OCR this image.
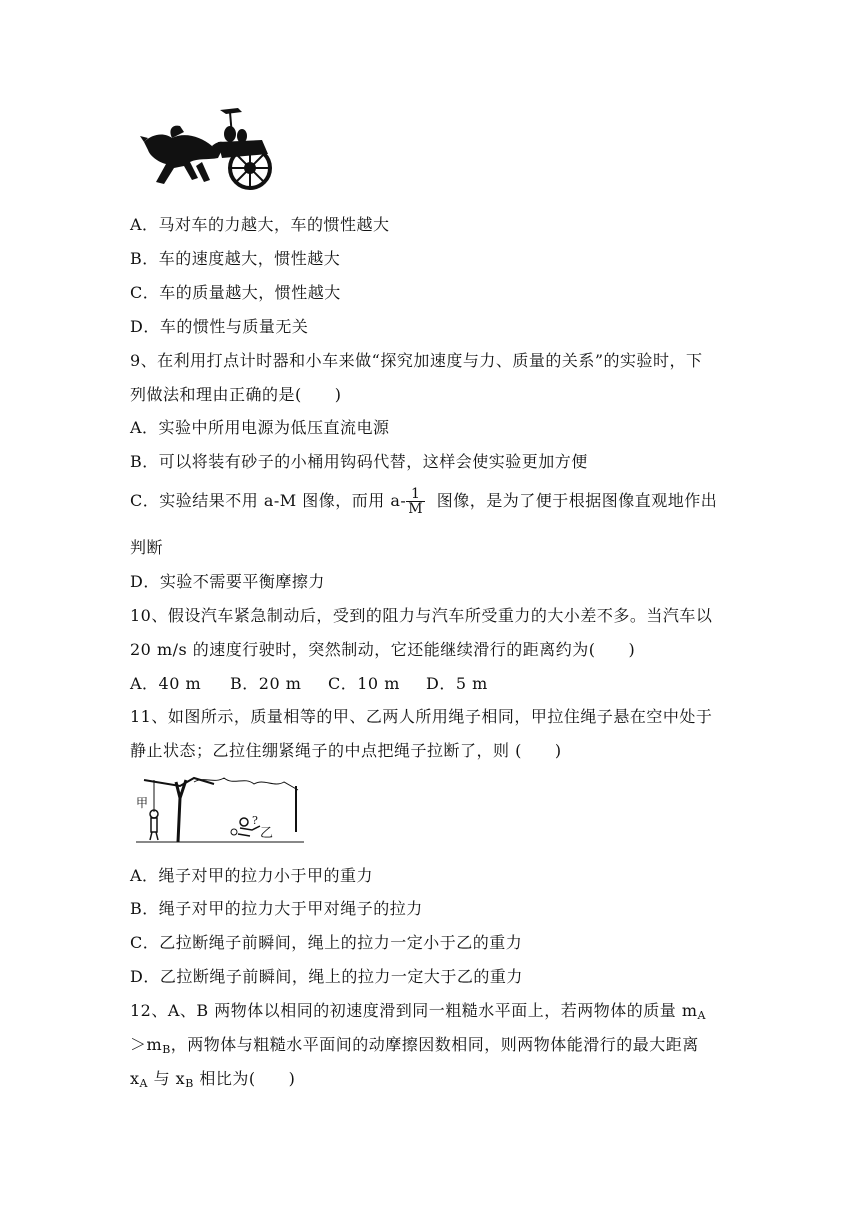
A．马对车的力越大，车的惯性越大
B．车的速度越大，惯性越大
C．车的质量越大，惯性越大
D．车的惯性与质量无关
9、在利用打点计时器和小车来做“探究加速度与力、质量的关系”的实验时，下
列做法和理由正确的是(　　)
A．实验中所用电源为低压直流电源
B．可以将装有砂子的小桶用钩码代替，这样会使实验更加方便
C．实验结果不用 a-M 图像，而用 $a- \frac{1}{M}$ 图像，是为了便于根据图像直观地作出
判断
D．实验不需要平衡摩擦力
10、假设汽车紧急制动后，受到的阻力与汽车所受重力的大小差不多。当汽车以
20 m/s 的速度行驶时，突然制动，它还能继续滑行的距离约为(　　)
A．40 m B．20 m C．10 m D．5 m
11、如图所示，质量相等的甲、乙两人所用绳子相同，甲拉住绳子悬在空中处于
静止状态；乙拉住绷紧绳子的中点把绳子拉断了，则 (　　)
甲
?
乙
A．绳子对甲的拉力小于甲的重力
B．绳子对甲的拉力大于甲对绳子的拉力
C．乙拉断绳子前瞬间，绳上的拉力一定小于乙的重力
D．乙拉断绳子前瞬间，绳上的拉力一定大于乙的重力
12、A、B 两物体以相同的初速度滑到同一粗糙水平面上，若两物体的质量 $m_A$
$>m_B$，两物体与粗糙水平面间的动摩擦因数相同，则两物体能滑行的最大距离
$x_A$ 与 $x_B$ 相比为(　　)
